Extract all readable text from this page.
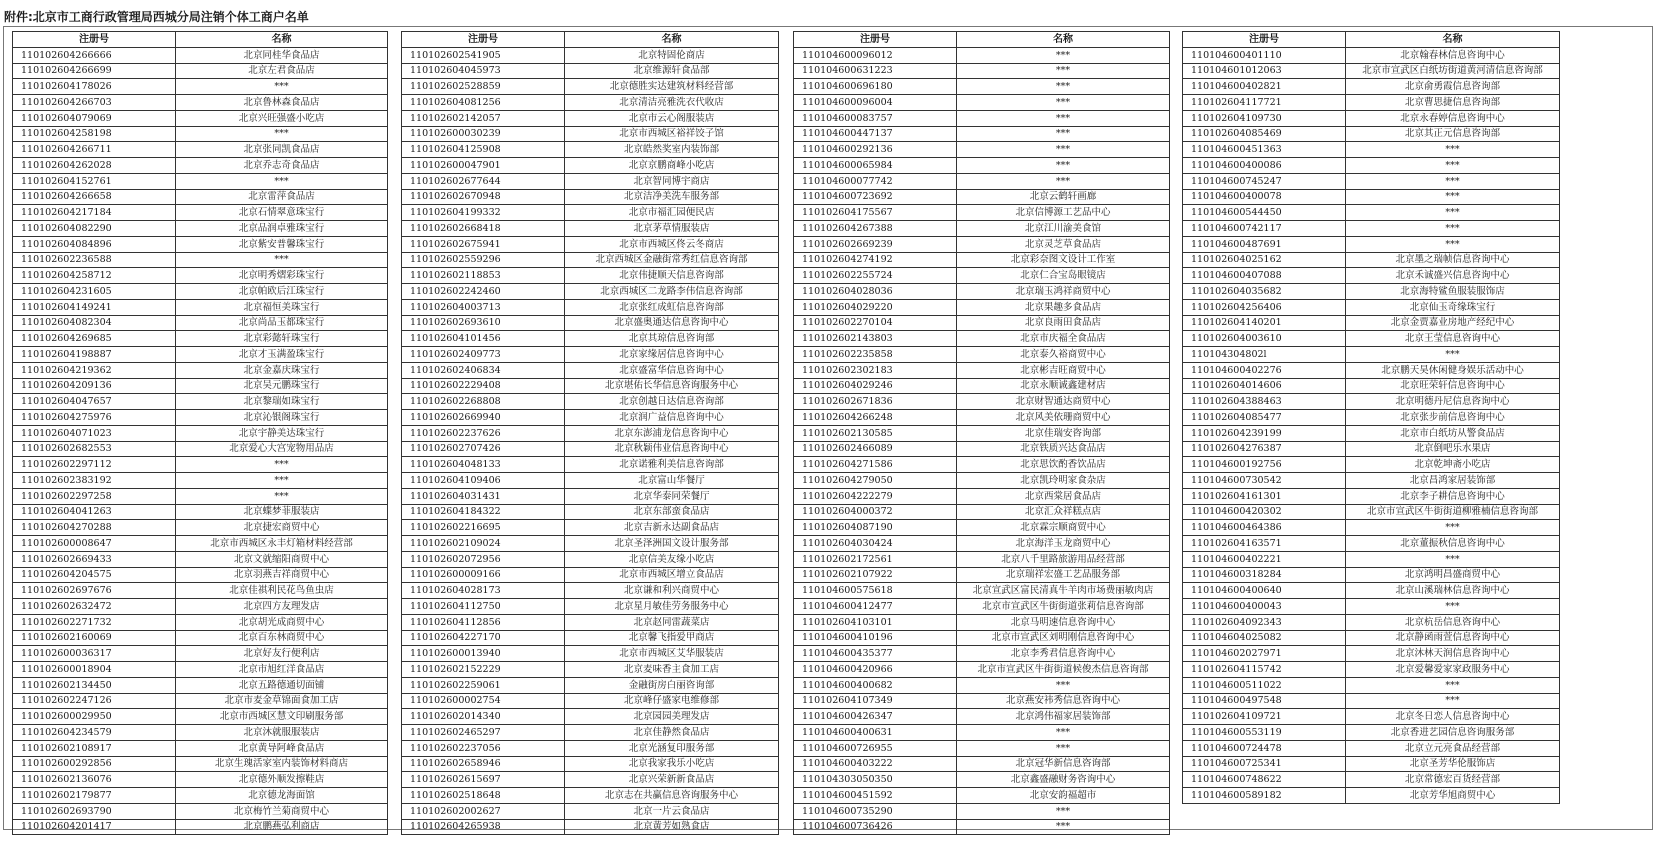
附件:北京市工商行政管理局西城分局注销个体工商户名单
注册号	名称
110102604266666	北京同桂华食品店
110102604266699	北京左君食品店
110102604178026	***
110102604266703	北京鲁林森食品店
110102604079069	北京兴旺强盛小吃店
110102604258198	***
110102604266711	北京张同凯食品店
110102604262028	北京乔志奇食品店
110102604152761	***
110102604266658	北京雷萍食品店
110102604217184	北京石情翠意珠宝行
110102604082290	北京品润卓雅珠宝行
110102604084896	北京紫安普馨珠宝行
110102602236588	***
110102604258712	北京明秀熠彩珠宝行
110102604231605	北京帕欧后江珠宝行
110102604149241	北京福恒美珠宝行
110102604082304	北京尚品玉都珠宝行
110102604269685	北京彩懿轩珠宝行
110102604198887	北京才玉满盈珠宝行
110102604219362	北京金嘉庆珠宝行
110102604209136	北京吴元鹏珠宝行
110102604047657	北京黎瑞如珠宝行
110102604275976	北京沁银阁珠宝行
110102604071023	北京宇静美达珠宝行
110102602682553	北京爱心大宫宠物用品店
110102602297112	***
110102602383192	***
110102602297258	***
110102604041263	北京蝶梦菲服装店
110102604270288	北京捷宏商贸中心
110102600008647	北京市西城区永丰灯箱材料经营部
110102602669433	北京文就缩阳商贸中心
110102604204575	北京羽燕吉祥商贸中心
110102602697676	北京佳祺利民花鸟鱼虫店
110102602632472	北京四方友理发店
110102602271732	北京胡光成商贸中心
110102602160069	北京百东林商贸中心
110102600036317	北京好友行便利店
110102600018904	北京市旭红洋食品店
110102602134450	北京五路德通切面铺
110102602247126	北京市麦金草锦面食加工店
110102600029950	北京市西城区慧文印刷服务部
110102604234579	北京沐就服服装店
110102602108917	北京黄导阿峰食品店
110102600292856	北京生瑰活家室内装饰材料商店
110102602136076	北京德外顺发擦鞋店
110102602179877	北京德龙海面馆
110102602693790	北京梅竹兰菊商贸中心
110102604201417	北京鹏燕弘利商店
注册号	名称
110102602541905	北京特固伦商店
110102604045973	北京维源轩食品部
110102602528859	北京德胜实达建筑材料经营部
110102604081256	北京清洁亮雅洗衣代收店
110102602142057	北京市云心阁服装店
110102600030239	北京市西城区裕祥饺子馆
110102604125908	北京皓然奖室内装饰部
110102600047901	北京京鹏商峰小吃店
110102602677644	北京智同博宇商店
110102602670948	北京洁净美洗车服务部
110102604199332	北京市福汇园便民店
110102602668418	北京茅草情服装店
110102602675941	北京市西城区佟云冬商店
110102602559296	北京西城区金融街常秀红信息咨询部
110102602118853	北京伟捷顺天信息咨询部
110102602242460	北京西城区二龙路李伟信息咨询部
110102604003713	北京张红成虹信息咨询部
110102602693610	北京盛奥通达信息咨询中心
110102604101456	北京其琼信息咨询部
110102602409773	北京家缘居信息咨询中心
110102602406834	北京盛富华信息咨询中心
110102602229408	北京堪佑长华信息咨询服务中心
110102602268808	北京创越日达信息咨询部
110102602669940	北京润广益信息咨询中心
110102602237626	北京东澎浦龙信息咨询中心
110102602707426	北京秋颖伟业信息咨询中心
110102604048133	北京诺雅利美信息咨询部
110102604109406	北京富山华餐厅
110102604031431	北京华泰同荣餐厅
110102604184322	北京东部蛮食品店
110102602216695	北京吉新永达副食品店
110102602109024	北京圣泽洲国文设计服务部
110102602072956	北京信美友缘小吃店
110102600009166	北京市西城区增立食品店
110102604028173	北京谦和利兴商贸中心
110102604112750	北京星月敏佳劳务服务中心
110102604112856	北京赵同雷蔬菜店
110102604227170	北京馨飞指爱甲商店
110102600013940	北京市西城区艾华服装店
110102602152229	北京麦味香主食加工店
110102602259061	金融街房白丽咨询部
110102600002754	北京峰仔盛家电维修部
110102602014340	北京园园美理发店
110102602465297	北京佳静然食品店
110102602237056	北京光涵复印服务部
110102602658946	北京我家我乐小吃店
110102602615697	北京兴荣新新食品店
110102602518648	北京志在共赢信息咨询服务中心
110102602002627	北京一片云食品店
110102604265938	北京黄芳如熟食店
注册号	名称
110104600096012	***
110104600631223	***
110104600696180	***
110104600096004	***
110104600083757	***
110104600447137	***
110104600292136	***
110104600065984	***
110104600077742	***
110104600723692	北京云鹤轩画廊
110102604175567	北京信博源工艺品中心
110102604267388	北京江川渝美食馆
110102602669239	北京灵芝草食品店
110102604274192	北京彩奈图文设计工作室
110102602255724	北京仁合宝岛眼镜店
110102604028036	北京瑞玉鸿祥商贸中心
110102604029220	北京果趣多食品店
110102602270104	北京良雨田食品店
110102602143803	北京市庆福全食品店
110102602235858	北京泰久裕商贸中心
110102602302183	北京彬吉旺商贸中心
110102604029246	北京永顺诚鑫建材店
110102602671836	北京财智通达商贸中心
110102604266248	北京风美依珊商贸中心
110102602130585	北京佳瑞安咨询部
110102602466089	北京铁质兴达食品店
110102604271586	北京思饮酌香饮品店
110102604279050	北京凯玲明家食杂店
110102604222279	北京西棠居食品店
110102604000372	北京汇众祥糕点店
110102604087190	北京霖宗顺商贸中心
110102604030424	北京海洋玉龙商贸中心
110102602172561	北京八千里路旅游用品经营部
110102602107922	北京瑞祥宏盛工艺品服务部
110104600575618	北京宣武区富民清真牛羊肉市场费丽敏肉店
110104600412477	北京市宣武区牛街街道张莉信息咨询部
110102604103101	北京马明速信息咨询中心
110104600410196	北京市宣武区刘明刚信息咨询中心
110104600435377	北京李秀君信息咨询中心
110104600420966	北京市宣武区牛街街道候俊杰信息咨询部
110104600400682	***
110102604107349	北京燕安祎秀信息咨询中心
110104600426347	北京鸿伟福家居装饰部
110104600400631	***
110104600726955	***
110104600403222	北京冠华新信息咨询部
110104303050350	北京鑫盛融财务咨询中心
110104600451592	北京安韵福超市
110104600735290	***
110104600736426	***
注册号	名称
110104600401110	北京翰春林信息咨询中心
110104601012063	北京市宣武区白纸坊街道黄河清信息咨询部
110104600402821	北京俞勇霞信息咨询部
110102604117721	北京曹思捷信息咨询部
110102604109730	北京永春婷信息咨询中心
110102604085469	北京其正元信息咨询部
110104600451363	***
110104600400086	***
110104600745247	***
110104600400078	***
110104600544450	***
110104600742117	***
110104600487691	***
110102604025162	北京墨之瑞帧信息咨询中心
110104600407088	北京禾诚盛兴信息咨询中心
110102604035682	北京海特鲨鱼服装服饰店
110102604256406	北京仙玉奇缘珠宝行
110102604140201	北京金贾嘉业房地产经纪中心
110102604003610	北京王莹信息咨询中心
110104304802l	***
110104600402276	北京鹏天昊休闲健身娱乐活动中心
110102604014606	北京旺荣轩信息咨询中心
110102604388463	北京明德丹尼信息咨询中心
110102604085477	北京张步前信息咨询中心
110102604239199	北京市白纸坊从警食品店
110102604276387	北京倒吧乐水果店
110104600192756	北京乾坤斋小吃店
110104600730542	北京昌鸿家居装饰部
110102604161301	北京李子耕信息咨询中心
110104600420302	北京市宣武区牛街街道柳雅楠信息咨询部
110104600464386	***
110102604163571	北京董振秋信息咨询中心
110104600402221	***
110104600318284	北京鸿明昌盛商贸中心
110104600400640	北京山溪瑞林信息咨询中心
110104600400043	***
110102604092343	北京杭岳信息咨询中心
110104604025082	北京静函雨萱信息咨询中心
110104602027971	北京沐林天润信息咨询中心
110102604115742	北京爱馨爱家家政服务中心
110104600511022	***
110104600497548	***
110102604109721	北京冬日恋人信息咨询中心
110104600553119	北京香进艺园信息咨询服务部
110104600724478	北京立元亮食品经营部
110104600725341	北京圣芳华伦服饰店
110104600748622	北京常德宏百货经营部
110104600589182	北京芳华旭商贸中心
